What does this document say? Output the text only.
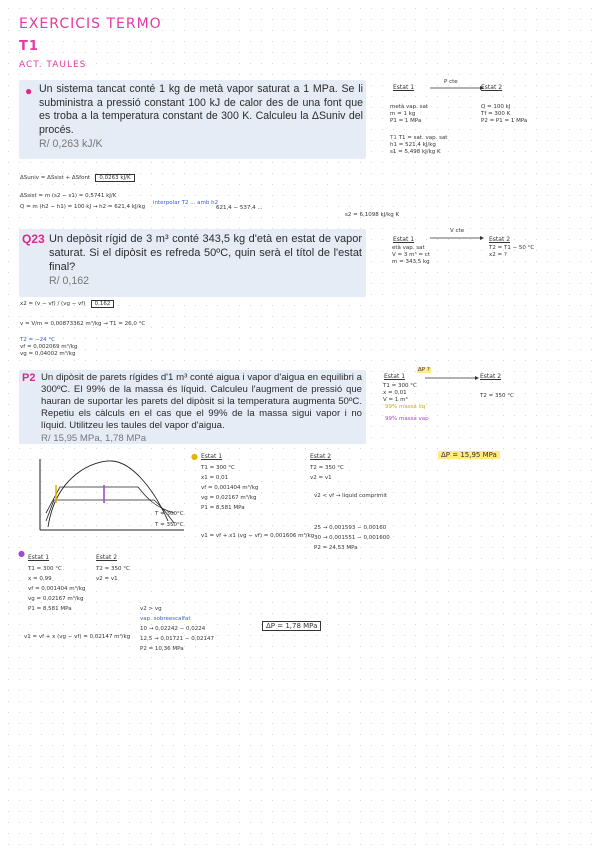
EXERCICIS TERMO
T1
ACT. TAULES
● Un sistema tancat conté 1 kg de metà vapor saturat a 1 MPa. Se li subministra a pressió constant 100 kJ de calor des de una font que es troba a la temperatura constant de 300 K. Calculeu la ΔSuniv del procés.

R/ 0,263 kJ/K
P cte
Estat 1	Estat 2
metà vap. sat
m = 1 kg
P1 = 1 MPa
Q = 100 kJ
Tf = 300 K
P2 = P1 = 1 MPa
T1 T1 = sat. vap. sat
h1 = 521,4 kJ/kg
s1 = 5,498 kJ/kg K
ΔSuniv = ΔSsist + ΔSfont 0,0263 kJ/K
ΔSsist = m (s2 − s1) = 0,5741 kJ/K
Q = m (h2 − h1) = 100 kJ → h2 = 621,4 kJ/kg
interpolar T2 ... amb h2
621,4 − 537,4 ...
s2 = 6,1098 kJ/kg K
Q23 Un depòsit rígid de 3 m³ conté 343,5 kg d'età en estat de vapor saturat. Si el dipòsit es refreda 50ºC, quin serà el títol de l'estat final?

R/ 0,162
V cte
Estat 1	Estat 2
età vap. sat
V = 3 m³ = ct
m = 343,5 kg
T2 = T1 − 50 °C
x2 = ?
x2 = (v − vf) / (vg − vf) 0,162
v = V/m = 0,00873362 m³/kg → T1 = 26,0 °C
T2 = −24 °C
vf = 0,002069 m³/kg
vg = 0,04002 m³/kg
P2 Un dipòsit de parets rígides d'1 m³ conté aigua i vapor d'aigua en equilibri a 300ºC. El 99% de la massa és líquid. Calculeu l'augment de pressió que hauran de suportar les parets del dipòsit si la temperatura augmenta 50ºC. Repetiu els càlculs en el cas que el 99% de la massa sigui vapor i no líquid. Utilitzeu les taules del vapor d'aigua.

R/ 15,95 MPa, 1,78 MPa
ΔP ?
Estat 1	Estat 2
T1 = 300 °C
x = 0,01
V = 1 m³
T2 = 350 °C
99% massa líq
99% massa vap
T = 300°C
T = 350°C
● Estat 1	Estat 2
T1 = 300 °C
x1 = 0,01
vf = 0,001404 m³/kg
vg = 0,02167 m³/kg
P1 = 8,581 MPa
T2 = 350 °C
v2 = v1
ΔP = 15,95 MPa
v1 = vf + x1 (vg − vf) = 0,001606 m³/kg
v2 < vf → líquid comprimit
25 → 0,001593 − 0,00160
30 → 0,001551 − 0,001600
P2 = 24,53 MPa
● Estat 1	Estat 2
T1 = 300 °C
x = 0,99
vf = 0,001404 m³/kg
vg = 0,02167 m³/kg
P1 = 8,581 MPa
T2 = 350 °C
v2 = v1
v1 = vf + x (vg − vf) = 0,02147 m³/kg
v2 > vg
vap. sobreescalfat
10 → 0,02242 − 0,0224
12,5 → 0,01721 − 0,02147
P2 = 10,36 MPa
ΔP = 1,78 MPa
